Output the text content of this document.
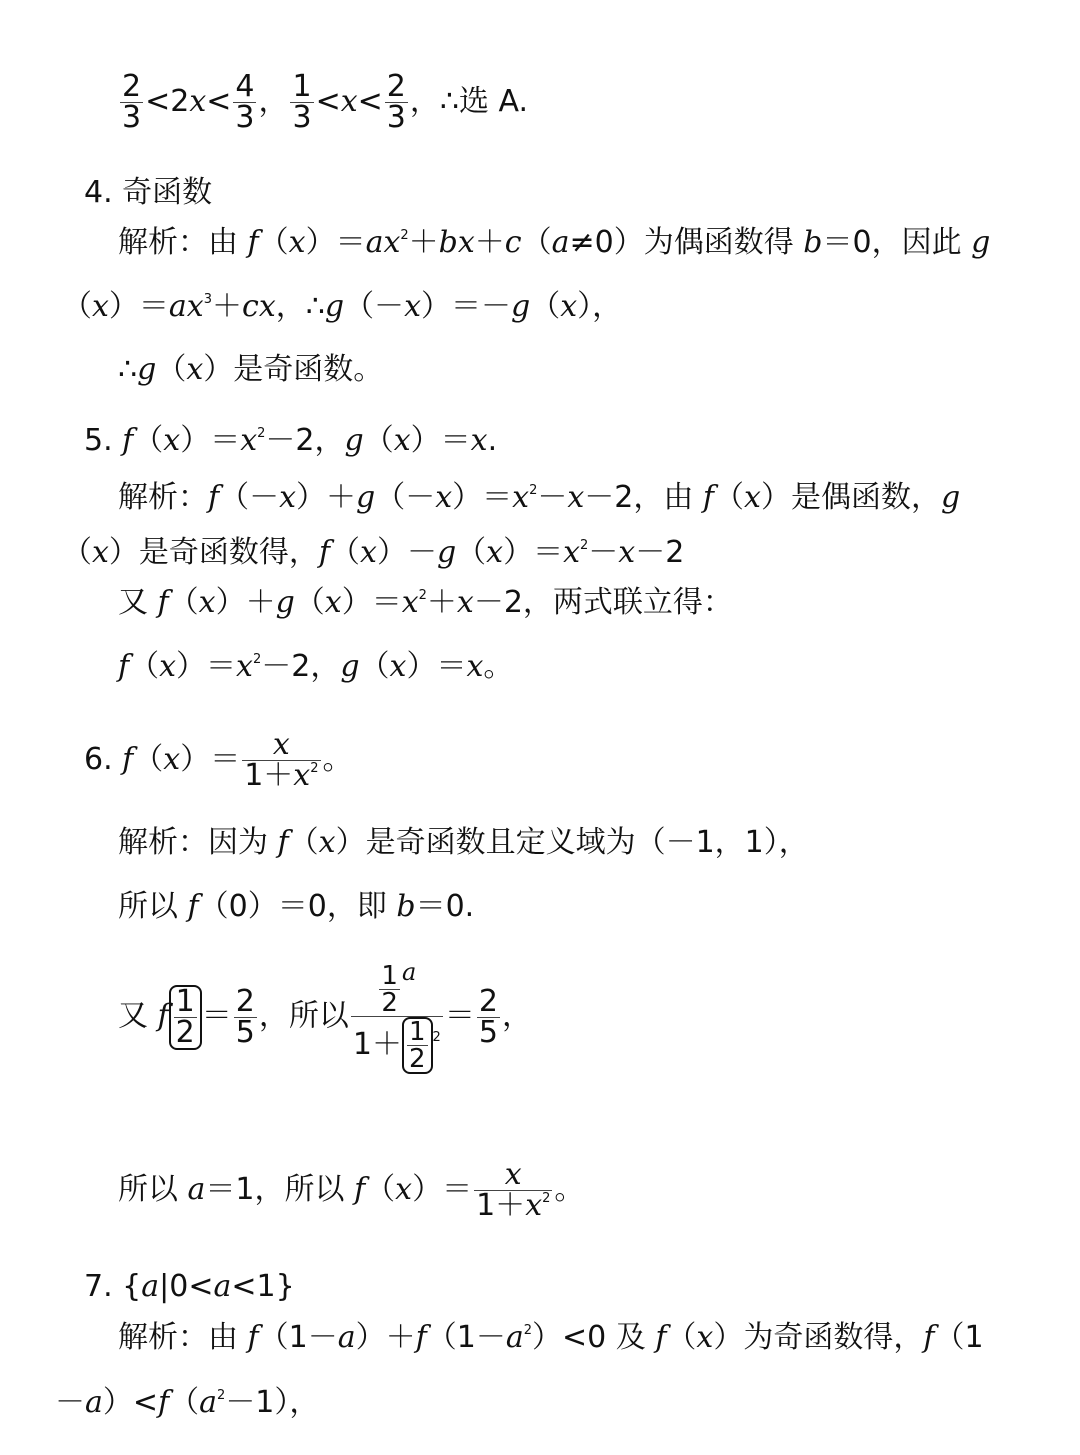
$\frac{2}{3} <2x< \frac{4}{3}$ ， $\frac{1}{3} <x< \frac{2}{3}$ ，∴选 A.
4. 奇函数
解析：由 $f(x)=ax^2+bx+c(a\ne 0)$为偶函数得 b＝0，因此 g
$(x)=ax^3+cx$，∴g（－x）＝－g（x），
∴g（x）是奇函数。
5. $f(x)=x^2-2$，g（x）＝x.
解析：$f(-x)+g(-x)=x^2-x-2$，由 f（x）是偶函数，g
（x）是奇函数得，$f(x)-g(x)=x^2-x-2$
又 $f(x)+g(x)=x^2+x-2$，两式联立得：
$f(x)=x^2-2$，g（x）＝x。
6. $f(x)= \frac{x}{1+x^2}$ 。
解析：因为 f（x）是奇函数且定义域为（－1，1），
所以 f（0）＝0，即 b＝0.
又 f $\frac{1}{2} = \frac{2}{5}$ ，所以 $\frac{\frac{1}{2} ^a}{1+ \frac{1}{2} ^2} = \frac{2}{5}$ ，
所以 a＝1，所以 $f(x)= \frac{x}{1+x^2}$ 。
7. {a|0<a<1}
解析：由 $f(1-a)+f(1-a^2)<0$ 及 f（x）为奇函数得，f（1
$-a)<f(a^2-1)$，
